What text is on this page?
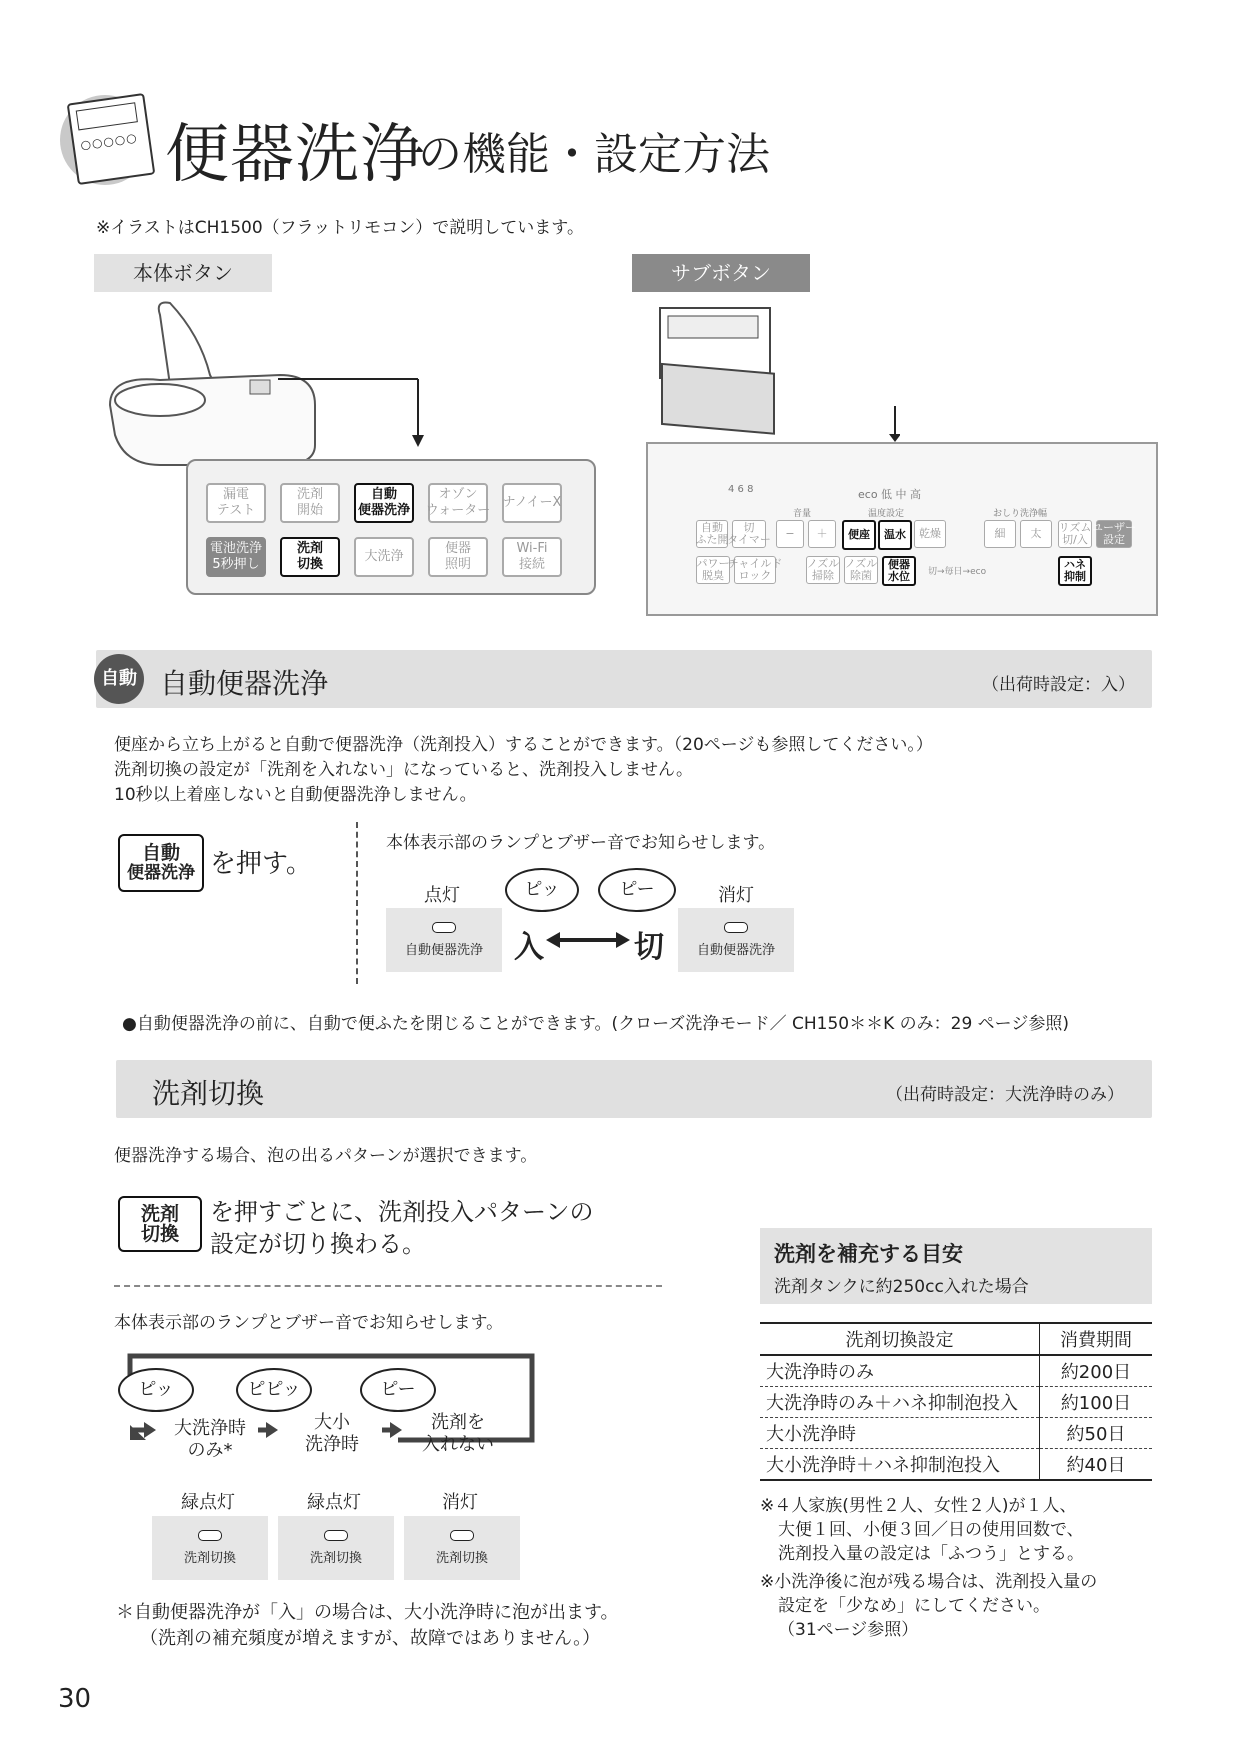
○○○○○ 便器洗浄
の機能・設定方法
※イラストはCH1500（フラットリモコン）で説明しています。
本体ボタン
漏電
テスト
洗剤
開始
自動
便器洗浄
オゾン
ウォーター
ナノイーX
電池洗浄
5秒押し
洗剤
切換
大洗浄
便器
照明
Wi-Fi
接続
サブボタン
4 6 8	eco 低 中 高
温度設定	おしり洗浄幅
音量
自動
ふた開
切
タイマー − ＋ 便座 温水 乾燥	細 太 リズム
切/入
ユーザー
設定
パワー
脱臭
チャイルド
ロック
ノズル
掃除
ノズル
除菌
便器
水位 切→毎日→eco
ハネ
抑制
自動 自動便器洗浄	（出荷時設定：入）
便座から立ち上がると自動で便器洗浄（洗剤投入）することができます。（20ページも参照してください。）
洗剤切換の設定が「洗剤を入れない」になっていると、洗剤投入しません。
10秒以上着座しないと自動便器洗浄しません。
自動
便器洗浄 を押す。
本体表示部のランプとブザー音でお知らせします。
点灯	消灯
ピッ	ピー
自動便器洗浄	入	切	自動便器洗浄
●自動便器洗浄の前に、自動で便ふたを閉じることができます。(クローズ洗浄モード／ CH150＊＊K のみ：29 ページ参照)
洗剤切換	（出荷時設定：大洗浄時のみ）
便器洗浄する場合、泡の出るパターンが選択できます。
洗剤
切換
を押すごとに、洗剤投入パターンの
設定が切り換わる。
本体表示部のランプとブザー音でお知らせします。
ピッ	ピピッ	ピー
大洗浄時
のみ*
大小
洗浄時
洗剤を
入れない
緑点灯	緑点灯	消灯
洗剤切換	洗剤切換	洗剤切換
＊自動便器洗浄が「入」の場合は、大小洗浄時に泡が出ます。
（洗剤の補充頻度が増えますが、故障ではありません。）
洗剤を補充する目安
洗剤タンクに約250cc入れた場合
洗剤切換設定	消費期間
大洗浄時のみ	約200日
大洗浄時のみ＋ハネ抑制泡投入	約100日
大小洗浄時	約50日
大小洗浄時＋ハネ抑制泡投入	約40日
※４人家族(男性２人、女性２人)が１人、
大便１回、小便３回／日の使用回数で、
洗剤投入量の設定は「ふつう」とする。
※小洗浄後に泡が残る場合は、洗剤投入量の
設定を「少なめ」にしてください。
（31ページ参照）
30
